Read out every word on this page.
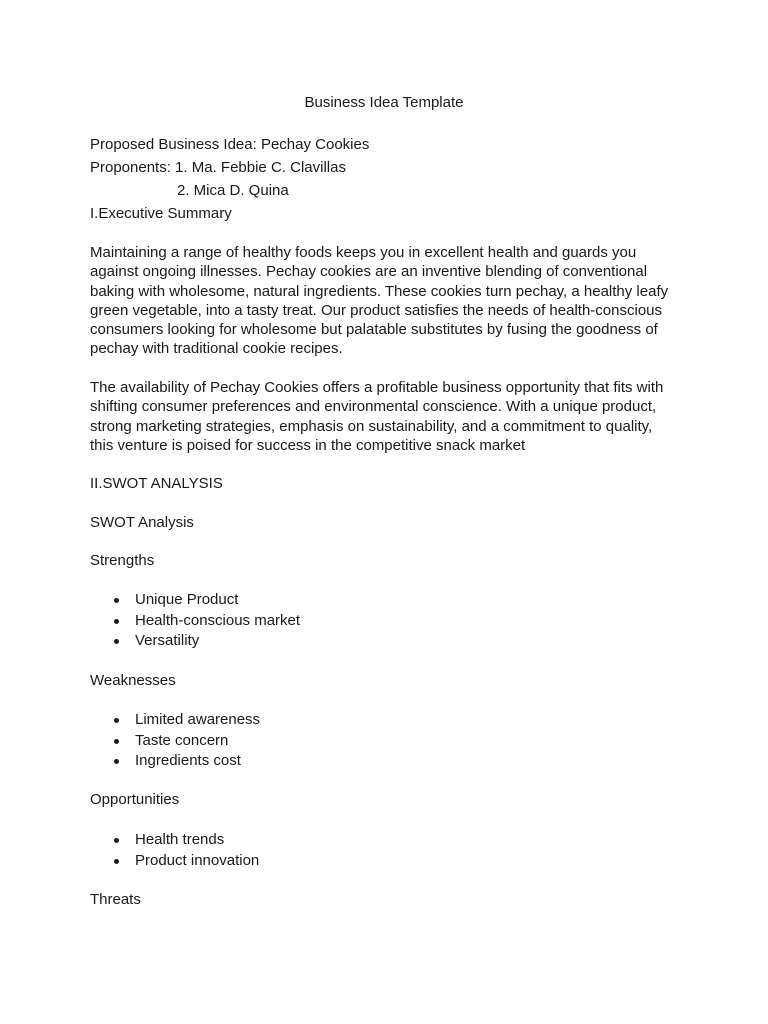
Business Idea Template
Proposed Business Idea: Pechay Cookies
Proponents: 1. Ma. Febbie C. Clavillas
2. Mica D. Quina
I.Executive Summary
Maintaining a range of healthy foods keeps you in excellent health and guards you
against ongoing illnesses. Pechay cookies are an inventive blending of conventional
baking with wholesome, natural ingredients. These cookies turn pechay, a healthy leafy
green vegetable, into a tasty treat. Our product satisfies the needs of health-conscious
consumers looking for wholesome but palatable substitutes by fusing the goodness of
pechay with traditional cookie recipes.
The availability of Pechay Cookies offers a profitable business opportunity that fits with
shifting consumer preferences and environmental conscience. With a unique product,
strong marketing strategies, emphasis on sustainability, and a commitment to quality,
this venture is poised for success in the competitive snack market
II.SWOT ANALYSIS
SWOT Analysis
Strengths
Unique Product
Health-conscious market
Versatility
Weaknesses
Limited awareness
Taste concern
Ingredients cost
Opportunities
Health trends
Product innovation
Threats
